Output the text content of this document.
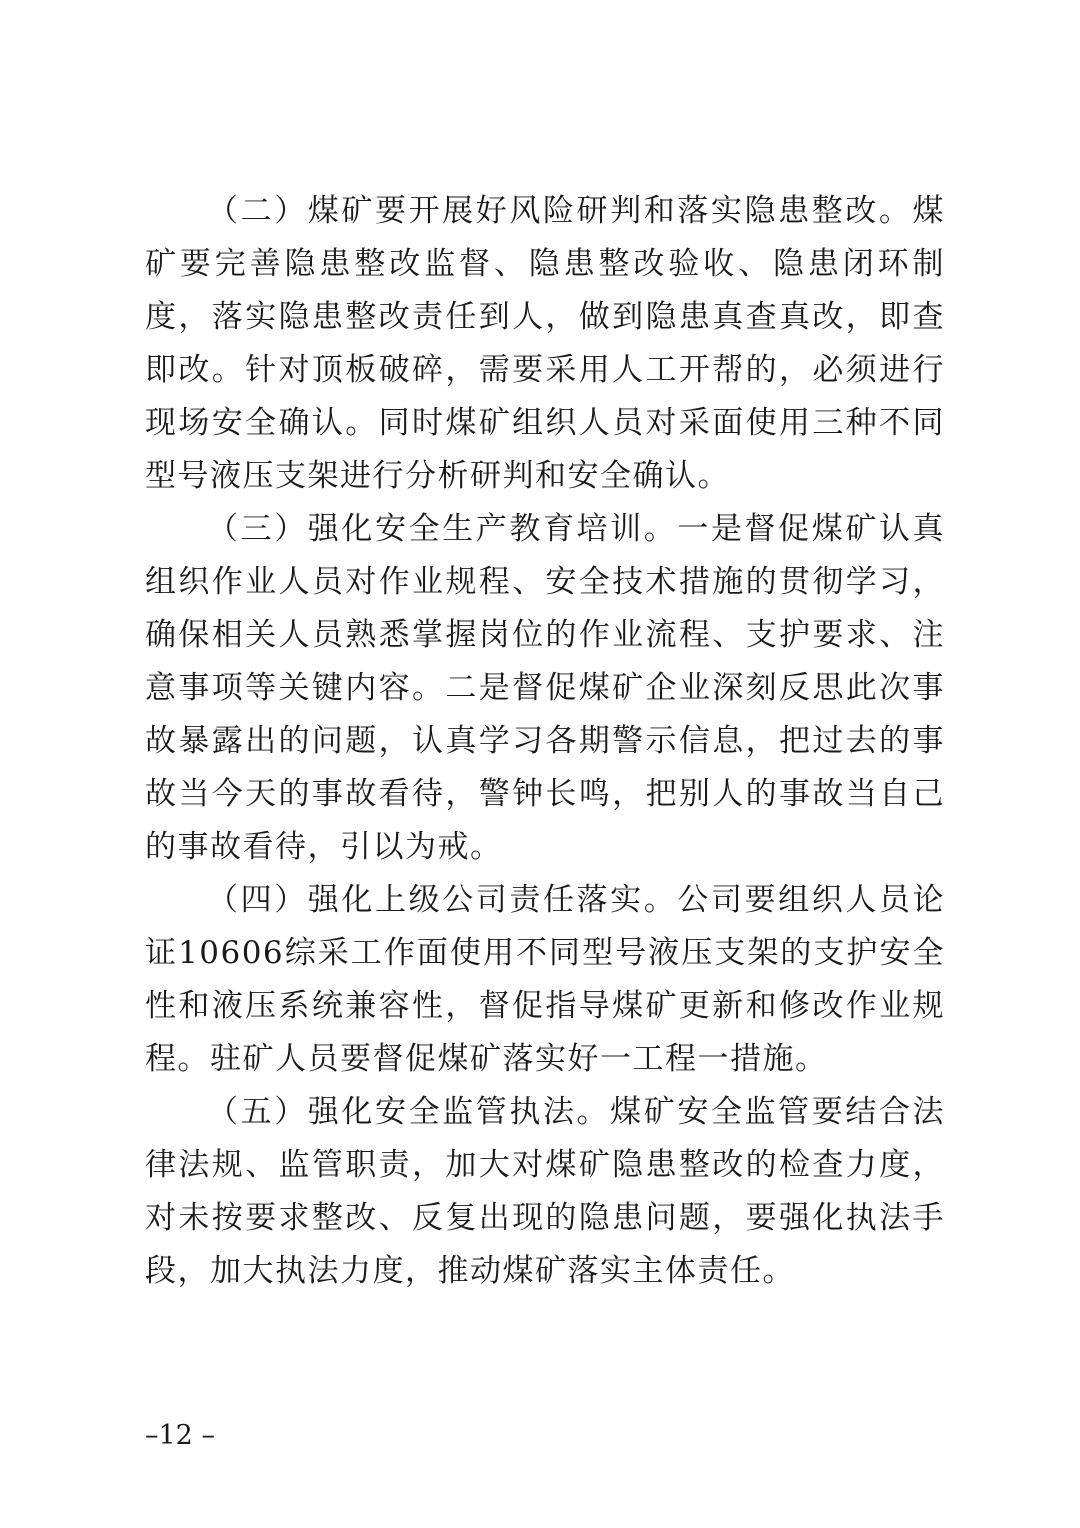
（二）煤矿要开展好风险研判和落实隐患整改。煤矿要完善隐患整改监督、隐患整改验收、隐患闭环制度，落实隐患整改责任到人，做到隐患真查真改，即查即改。针对顶板破碎，需要采用人工开帮的，必须进行现场安全确认。同时煤矿组织人员对采面使用三种不同型号液压支架进行分析研判和安全确认。

（三）强化安全生产教育培训。一是督促煤矿认真组织作业人员对作业规程、安全技术措施的贯彻学习，确保相关人员熟悉掌握岗位的作业流程、支护要求、注意事项等关键内容。二是督促煤矿企业深刻反思此次事故暴露出的问题，认真学习各期警示信息，把过去的事故当今天的事故看待，警钟长鸣，把别人的事故当自己的事故看待，引以为戒。

（四）强化上级公司责任落实。公司要组织人员论证10606综采工作面使用不同型号液压支架的支护安全性和液压系统兼容性，督促指导煤矿更新和修改作业规程。驻矿人员要督促煤矿落实好一工程一措施。

（五）强化安全监管执法。煤矿安全监管要结合法律法规、监管职责，加大对煤矿隐患整改的检查力度，对未按要求整改、反复出现的隐患问题，要强化执法手段，加大执法力度，推动煤矿落实主体责任。

–12 –
